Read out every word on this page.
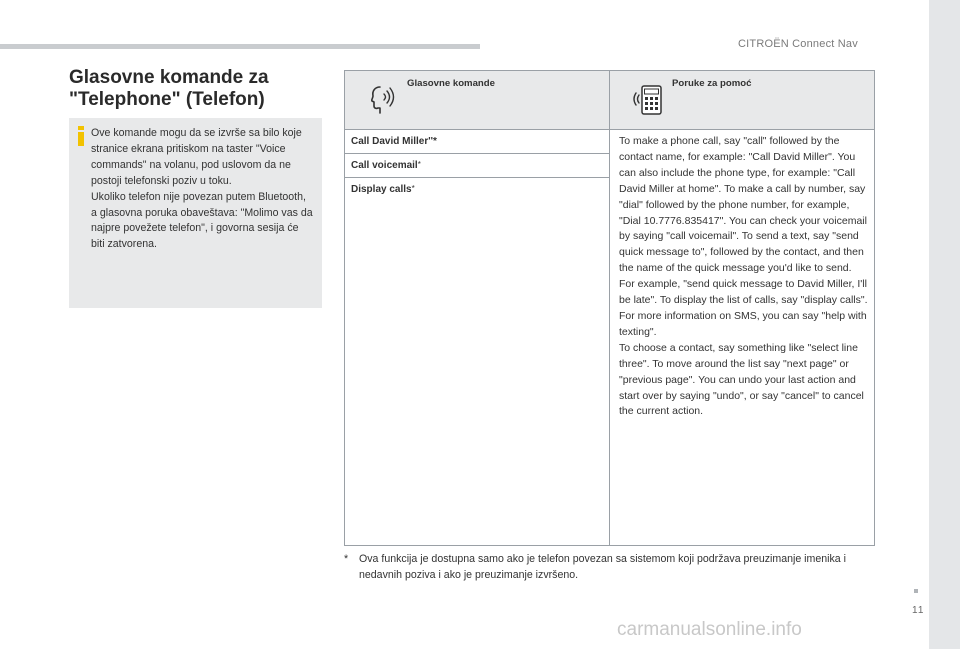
CITROËN Connect Nav
Glasovne komande za "Telephone" (Telefon)
Ove komande mogu da se izvrše sa bilo koje stranice ekrana pritiskom na taster "Voice commands" na volanu, pod uslovom da ne postoji telefonski poziv u toku.
Ukoliko telefon nije povezan putem Bluetooth, a glasovna poruka obaveštava: "Molimo vas da najpre povežete telefon", i govorna sesija će biti zatvorena.
Glasovne komande	Poruke za pomoć

Call David Miller''*	To make a phone call, say "call" followed by the contact name, for example: "Call David Miller". You can also include the phone type, for example: "Call David Miller at home". To make a call by number, say "dial" followed by the phone number, for example, "Dial 10.7776.835417". You can check your voicemail by saying "call voicemail". To send a text, say "send quick message to", followed by the contact, and then the name of the quick message you'd like to send. For example, "send quick message to David Miller, I'll be late". To display the list of calls, say "display calls". For more information on SMS, you can say "help with texting".
To choose a contact, say something like "select line three". To move around the list say "next page" or "previous page". You can undo your last action and start over by saying "undo", or say "cancel" to cancel the current action.
Call voicemail*
Display calls*
*	Ova funkcija je dostupna samo ako je telefon povezan sa sistemom koji podržava preuzimanje imenika i nedavnih poziva i ako je preuzimanje izvršeno.
11
carmanualsonline.info
